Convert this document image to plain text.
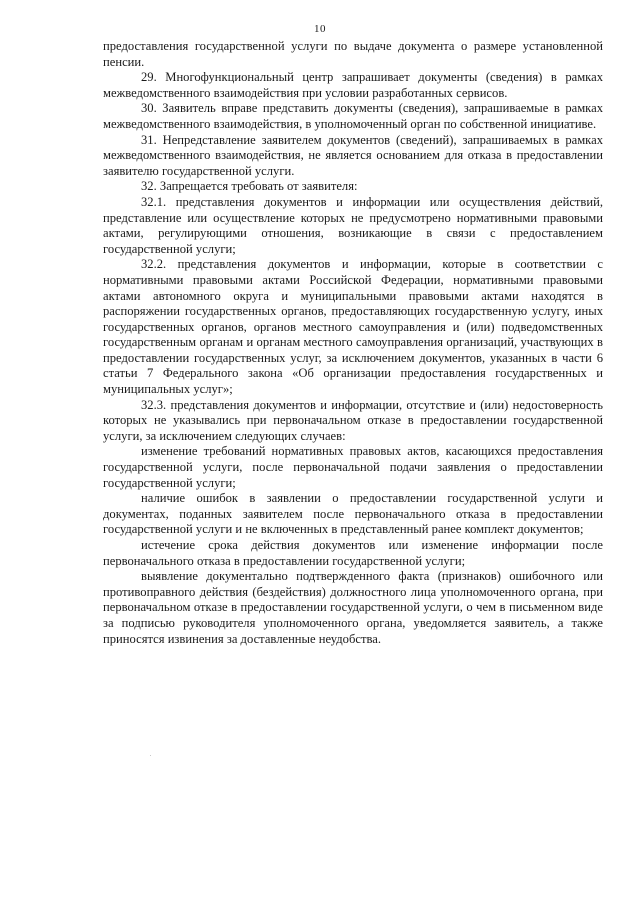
10

предоставления государственной услуги по выдаче документа о размере установленной пенсии.

29. Многофункциональный центр запрашивает документы (сведения) в рамках межведомственного взаимодействия при условии разработанных сервисов.

30. Заявитель вправе представить документы (сведения), запрашиваемые в рамках межведомственного взаимодействия, в уполномоченный орган по собственной инициативе.

31. Непредставление заявителем документов (сведений), запрашиваемых в рамках межведомственного взаимодействия, не является основанием для отказа в предоставлении заявителю государственной услуги.

32. Запрещается требовать от заявителя:

32.1. представления документов и информации или осуществления действий, представление или осуществление которых не предусмотрено нормативными правовыми актами, регулирующими отношения, возникающие в связи с предоставлением государственной услуги;

32.2. представления документов и информации, которые в соответствии с нормативными правовыми актами Российской Федерации, нормативными правовыми актами автономного округа и муниципальными правовыми актами находятся в распоряжении государственных органов, предоставляющих государственную услугу, иных государственных органов, органов местного самоуправления и (или) подведомственных государственным органам и органам местного самоуправления организаций, участвующих в предоставлении государственных услуг, за исключением документов, указанных в части 6 статьи 7 Федерального закона «Об организации предоставления государственных и муниципальных услуг»;

32.3. представления документов и информации, отсутствие и (или) недостоверность которых не указывались при первоначальном отказе в предоставлении государственной услуги, за исключением следующих случаев:

изменение требований нормативных правовых актов, касающихся предоставления государственной услуги, после первоначальной подачи заявления о предоставлении государственной услуги;

наличие ошибок в заявлении о предоставлении государственной услуги и документах, поданных заявителем после первоначального отказа в предоставлении государственной услуги и не включенных в представленный ранее комплект документов;

истечение срока действия документов или изменение информации после первоначального отказа в предоставлении государственной услуги;

выявление документально подтвержденного факта (признаков) ошибочного или противоправного действия (бездействия) должностного лица уполномоченного органа, при первоначальном отказе в предоставлении государственной услуги, о чем в письменном виде за подписью руководителя уполномоченного органа, уведомляется заявитель, а также приносятся извинения за доставленные неудобства.
